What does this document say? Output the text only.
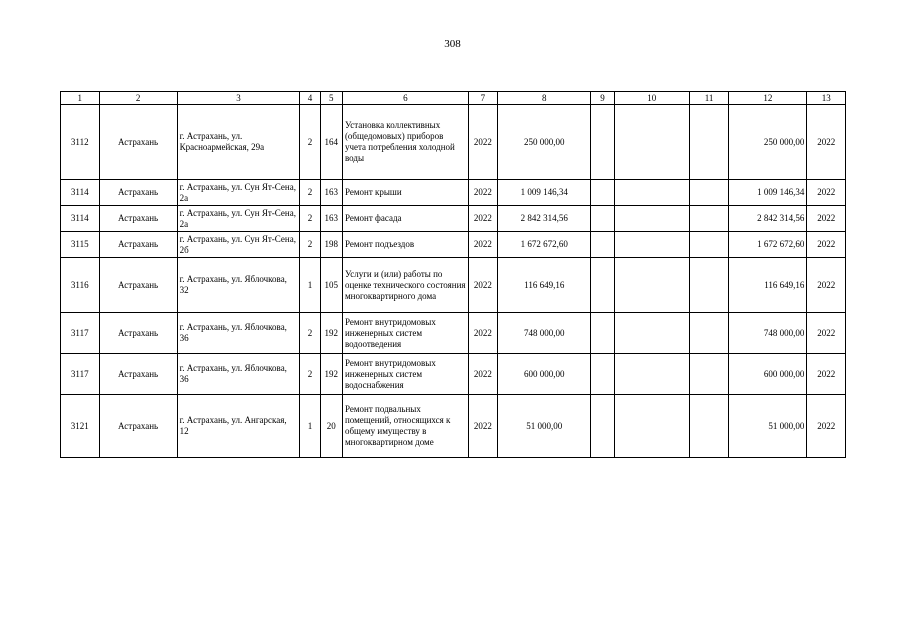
308
1	2	3	4	5	6	7	8	9	10	11	12	13
3112	Астрахань	г. Астрахань, ул. Красноармейская, 29а	2	164	Установка коллективных (общедомовых) приборов учета потребления холодной воды	2022	250 000,00				250 000,00	2022
3114	Астрахань	г. Астрахань, ул. Сун Ят-Сена, 2а	2	163	Ремонт крыши	2022	1 009 146,34				1 009 146,34	2022
3114	Астрахань	г. Астрахань, ул. Сун Ят-Сена, 2а	2	163	Ремонт фасада	2022	2 842 314,56				2 842 314,56	2022
3115	Астрахань	г. Астрахань, ул. Сун Ят-Сена, 2б	2	198	Ремонт подъездов	2022	1 672 672,60				1 672 672,60	2022
3116	Астрахань	г. Астрахань, ул. Яблочкова, 32	1	105	Услуги и (или) работы по оценке технического состояния многоквартирного дома	2022	116 649,16				116 649,16	2022
3117	Астрахань	г. Астрахань, ул. Яблочкова, 36	2	192	Ремонт внутридомовых инженерных систем водоотведения	2022	748 000,00				748 000,00	2022
3117	Астрахань	г. Астрахань, ул. Яблочкова, 36	2	192	Ремонт внутридомовых инженерных систем водоснабжения	2022	600 000,00				600 000,00	2022
3121	Астрахань	г. Астрахань, ул. Ангарская, 12	1	20	Ремонт подвальных помещений, относящихся к общему имуществу в многоквартирном доме	2022	51 000,00				51 000,00	2022
